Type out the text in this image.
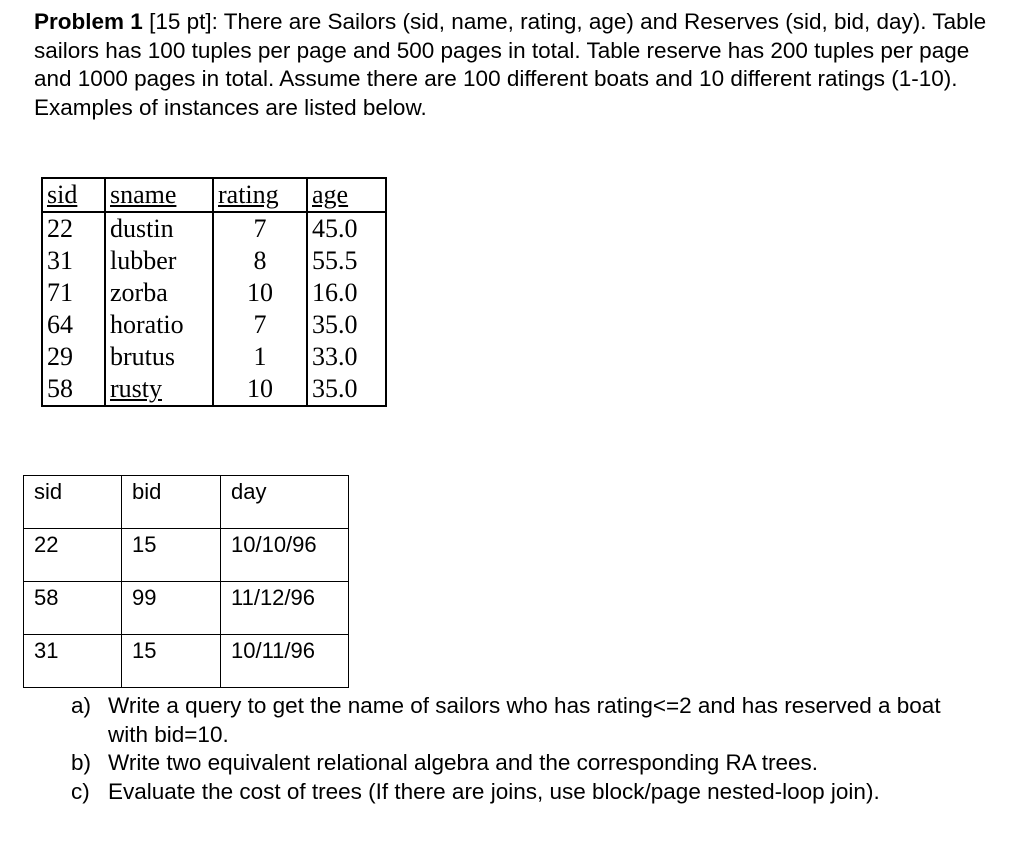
Problem 1 [15 pt]: There are Sailors (sid, name, rating, age) and Reserves (sid, bid, day). Table sailors has 100 tuples per page and 500 pages in total. Table reserve has 200 tuples per page and 1000 pages in total. Assume there are 100 different boats and 10 different ratings (1-10). Examples of instances are listed below.
sid	sname	rating	age
22	dustin	7	45.0
31	lubber	8	55.5
71	zorba	10	16.0
64	horatio	7	35.0
29	brutus	1	33.0
58	rusty	10	35.0
sid	bid	day
22	15	10/10/96
58	99	11/12/96
31	15	10/11/96
a) Write a query to get the name of sailors who has rating<=2 and has reserved a boat with bid=10.
b) Write two equivalent relational algebra and the corresponding RA trees.
c) Evaluate the cost of trees (If there are joins, use block/page nested-loop join).
